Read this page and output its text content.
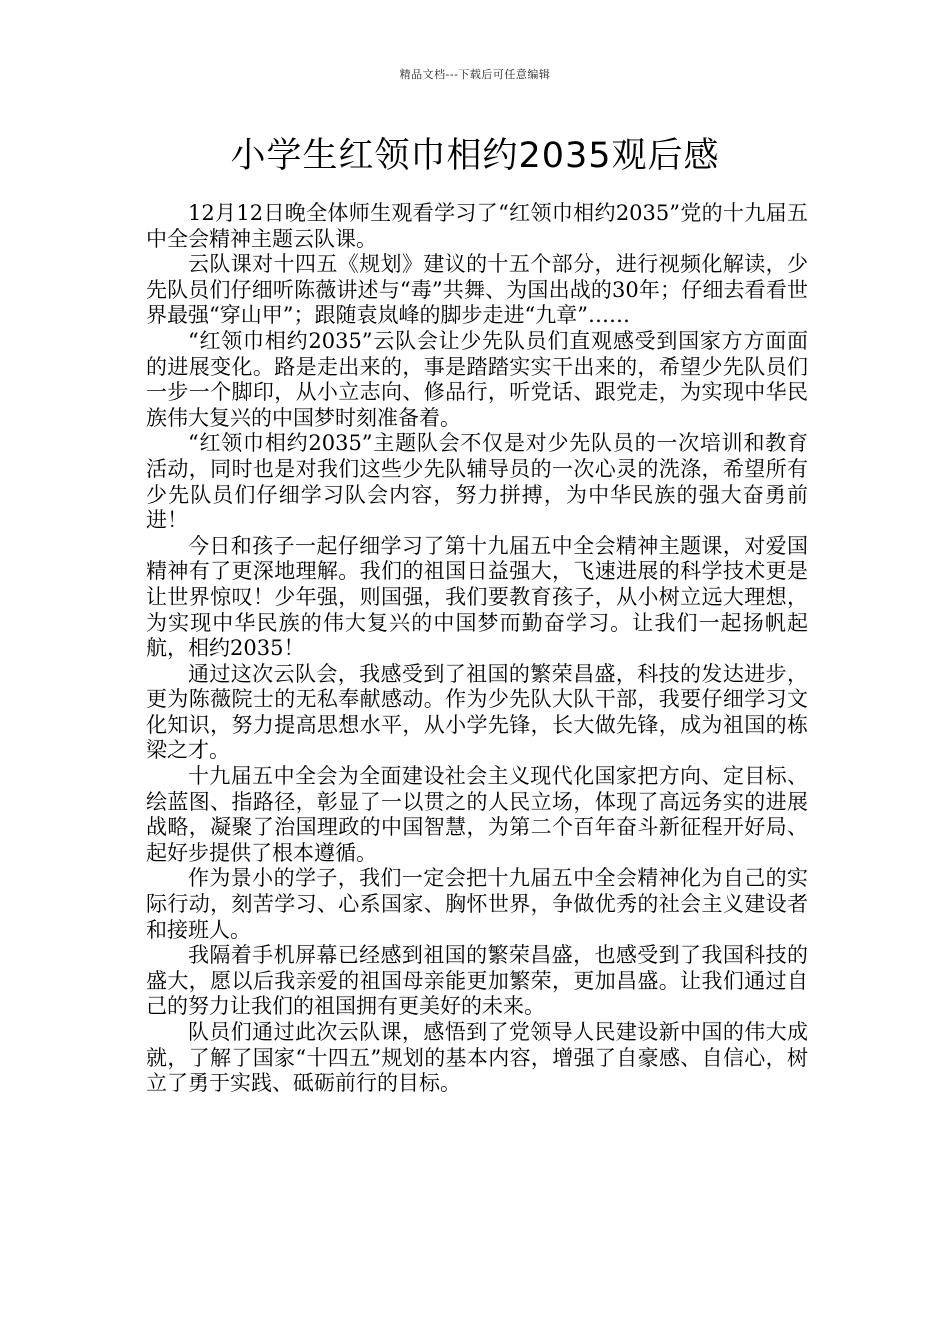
精品文档---下载后可任意编辑
小学生红领巾相约2035观后感

12月12日晚全体师生观看学习了“红领巾相约2035”党的十九届五中全会精神主题云队课。

云队课对十四五《规划》建议的十五个部分，进行视频化解读，少先队员们仔细听陈薇讲述与“毒”共舞、为国出战的30年；仔细去看看世界最强“穿山甲”；跟随袁岚峰的脚步走进“九章”……

“红领巾相约2035”云队会让少先队员们直观感受到国家方方面面的进展变化。路是走出来的，事是踏踏实实干出来的，希望少先队员们一步一个脚印，从小立志向、修品行，听党话、跟党走，为实现中华民族伟大复兴的中国梦时刻准备着。

“红领巾相约2035”主题队会不仅是对少先队员的一次培训和教育活动，同时也是对我们这些少先队辅导员的一次心灵的洗涤，希望所有少先队员们仔细学习队会内容，努力拼搏，为中华民族的强大奋勇前进！

今日和孩子一起仔细学习了第十九届五中全会精神主题课，对爱国精神有了更深地理解。我们的祖国日益强大，飞速进展的科学技术更是让世界惊叹！少年强，则国强，我们要教育孩子，从小树立远大理想，为实现中华民族的伟大复兴的中国梦而勤奋学习。让我们一起扬帆起航，相约2035！

通过这次云队会，我感受到了祖国的繁荣昌盛，科技的发达进步，更为陈薇院士的无私奉献感动。作为少先队大队干部，我要仔细学习文化知识，努力提高思想水平，从小学先锋，长大做先锋，成为祖国的栋梁之才。

十九届五中全会为全面建设社会主义现代化国家把方向、定目标、绘蓝图、指路径，彰显了一以贯之的人民立场，体现了高远务实的进展战略，凝聚了治国理政的中国智慧，为第二个百年奋斗新征程开好局、起好步提供了根本遵循。

作为景小的学子，我们一定会把十九届五中全会精神化为自己的实际行动，刻苦学习、心系国家、胸怀世界，争做优秀的社会主义建设者和接班人。

我隔着手机屏幕已经感到祖国的繁荣昌盛，也感受到了我国科技的盛大，愿以后我亲爱的祖国母亲能更加繁荣，更加昌盛。让我们通过自己的努力让我们的祖国拥有更美好的未来。

队员们通过此次云队课，感悟到了党领导人民建设新中国的伟大成就，了解了国家“十四五”规划的基本内容，增强了自豪感、自信心，树立了勇于实践、砥砺前行的目标。
